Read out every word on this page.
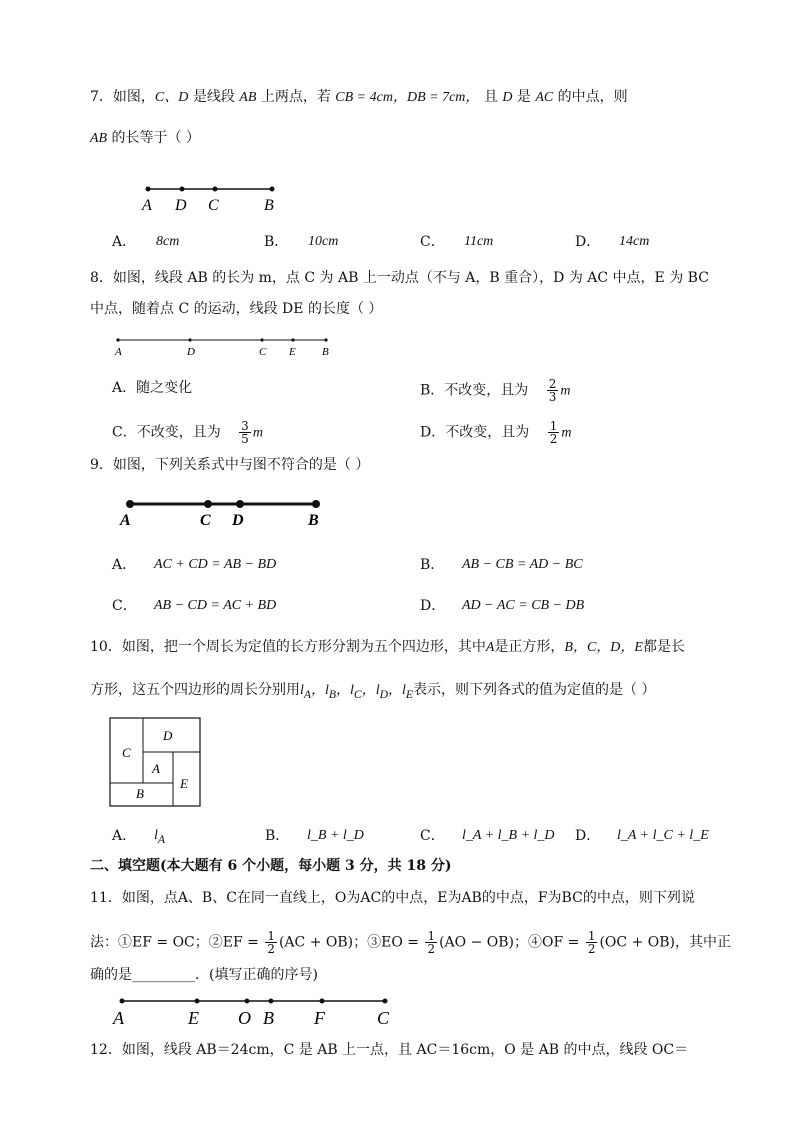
7．如图，C、D 是线段 AB 上两点，若 CB = 4cm，DB = 7cm， 且 D 是 AC 的中点，则
AB 的长等于（ ）
A D C	B
A． 8cm	B． 10cm	C． 11cm	D． 14cm
8．如图，线段 AB 的长为 m，点 C 为 AB 上一动点（不与 A，B 重合），D 为 AC 中点，E 为 BC
中点，随着点 C 的运动，线段 DE 的长度（ ）
A	D	C E B
A．随之变化	B．不改变，且为 $\frac{2}{3}$ m
C．不改变，且为 $\frac{3}{5}$ m	D．不改变，且为 $\frac{1}{2}$ m
9．如图，下列关系式中与图不符合的是（ ）
A	C D	B
A． AC + CD = AB − BD	B． AB − CB = AD − BC
C． AB − CD = AC + BD	D． AD − AC = CB − DB
10．如图，把一个周长为定值的长方形分割为五个四边形，其中A是正方形，B，C，D，E都是长
方形，这五个四边形的周长分别用$l_A$，$l_B$，$l_C$，$l_D$，$l_E$表示，则下列各式的值为定值的是（ ）
C
D
A
E
B
A． $l_A$	B． l_B + l_D	C． l_A + l_B + l_D D． l_A + l_C + l_E
二、填空题(本大题有 6 个小题，每小题 3 分，共 18 分)
11．如图，点A、B、C在同一直线上，O为AC的中点，E为AB的中点，F为BC的中点，则下列说
法：①EF = OC；②EF = $\frac{1}{2} (AC + OB)$；③EO = $\frac{1}{2} (AO - OB)$；④OF = $\frac{1}{2} (OC + OB)$，其中正
确的是_________．(填写正确的序号)
A	E O B F	C
12．如图，线段 AB＝24cm，C 是 AB 上一点，且 AC＝16cm，O 是 AB 的中点，线段 OC＝
